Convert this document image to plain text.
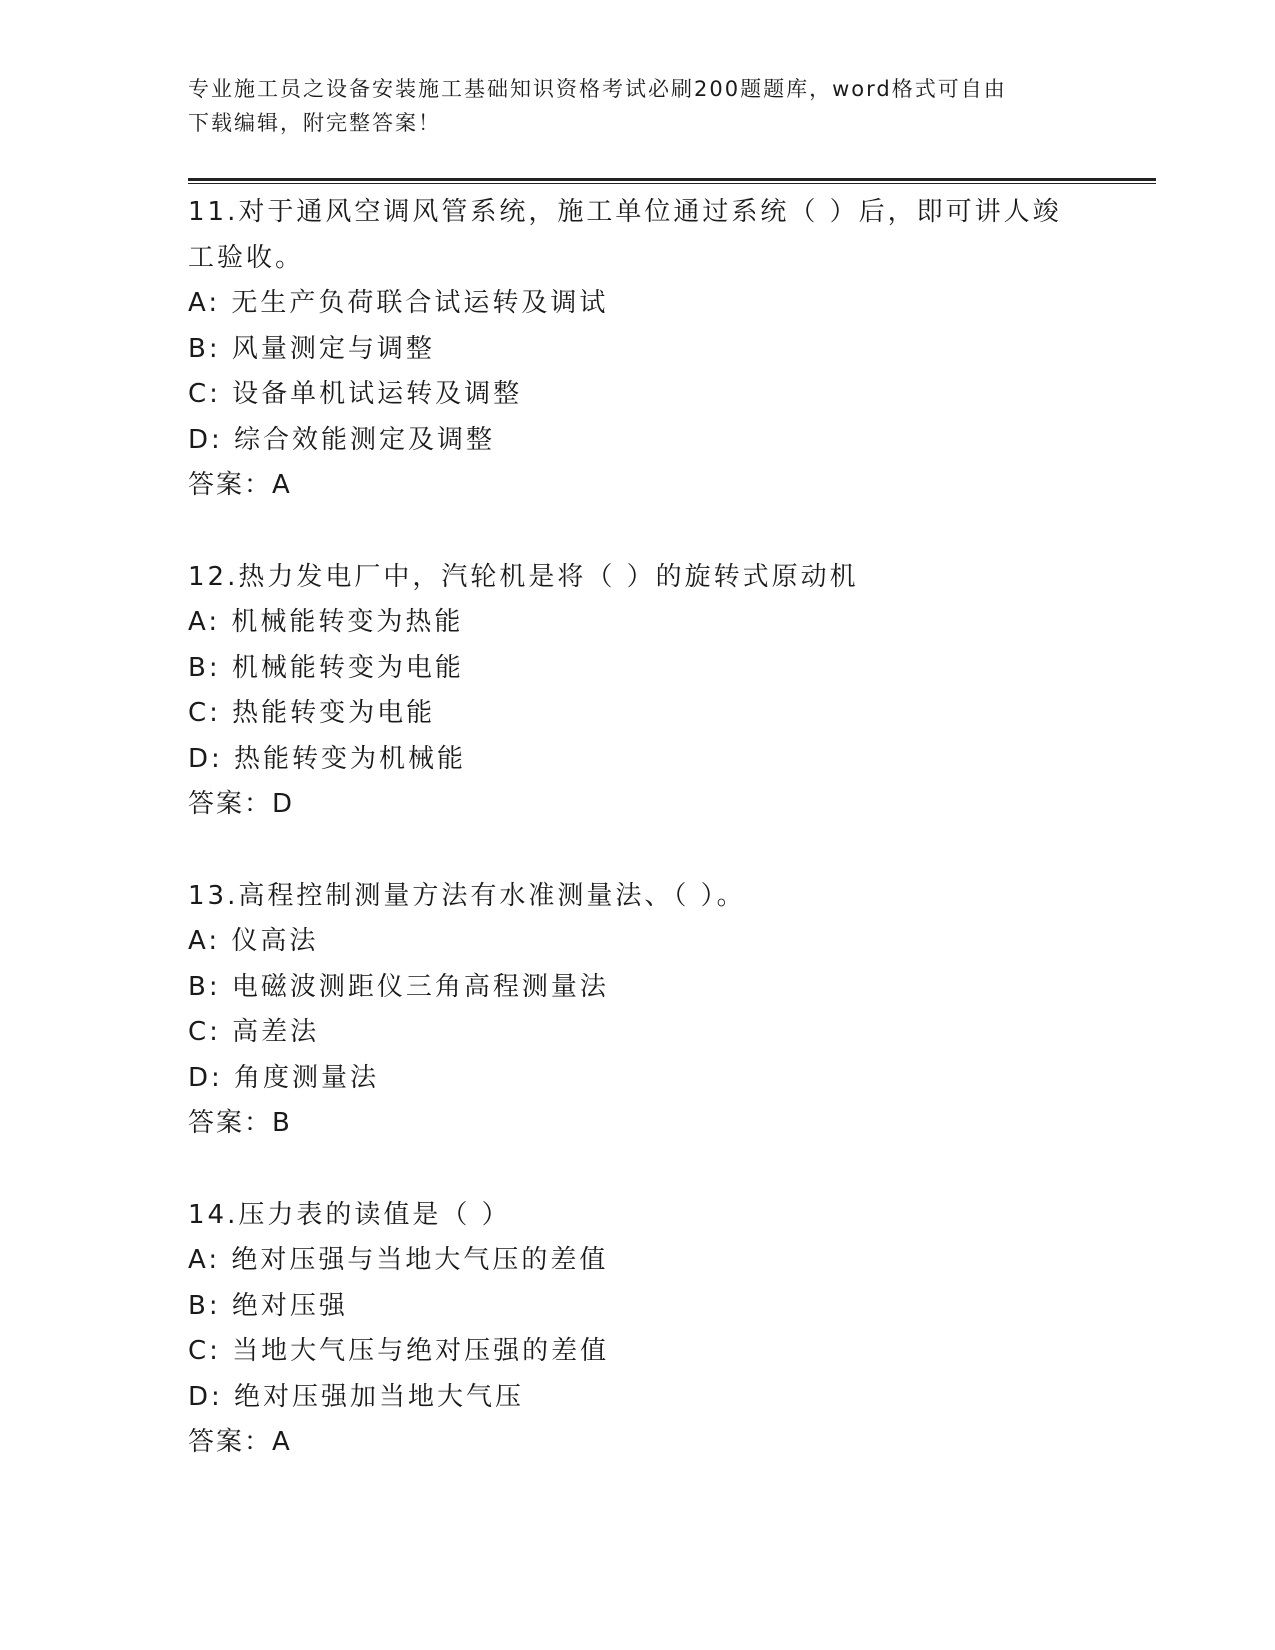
专业施工员之设备安装施工基础知识资格考试必刷200题题库，word格式可自由
下载编辑，附完整答案！

11.对于通风空调风管系统，施工单位通过系统（ ）后，即可讲人竣

工验收。

A: 无生产负荷联合试运转及调试

B: 风量测定与调整

C: 设备单机试运转及调整

D: 综合效能测定及调整

答案：A

12.热力发电厂中，汽轮机是将（ ）的旋转式原动机

A: 机械能转变为热能

B: 机械能转变为电能

C: 热能转变为电能

D: 热能转变为机械能

答案：D

13.高程控制测量方法有水准测量法、（ ）。

A: 仪高法

B: 电磁波测距仪三角高程测量法

C: 高差法

D: 角度测量法

答案：B

14.压力表的读值是（ ）

A: 绝对压强与当地大气压的差值

B: 绝对压强

C: 当地大气压与绝对压强的差值

D: 绝对压强加当地大气压

答案：A
